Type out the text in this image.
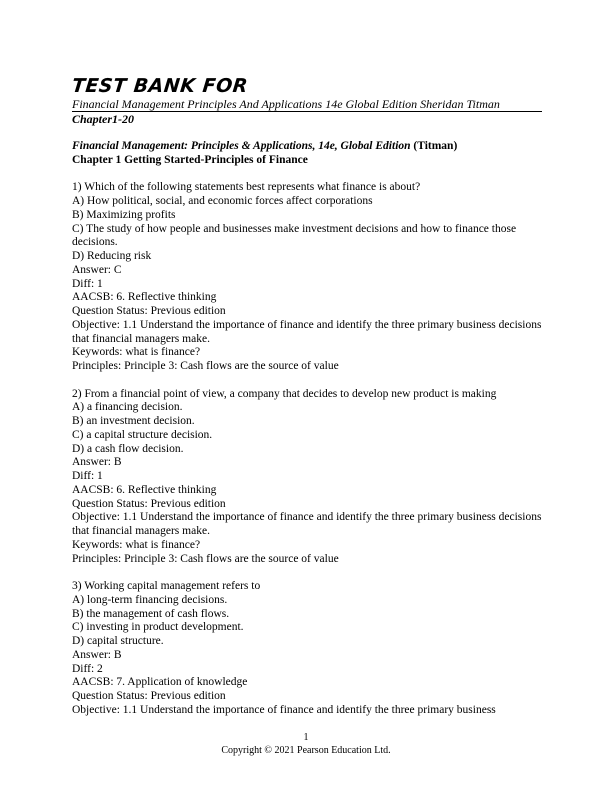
TEST BANK FOR
Financial Management Principles And Applications 14e Global Edition Sheridan Titman
Chapter1-20

Financial Management: Principles & Applications, 14e, Global Edition (Titman)

Chapter 1 Getting Started-Principles of Finance

1) Which of the following statements best represents what finance is about?

A) How political, social, and economic forces affect corporations

B) Maximizing profits

C) The study of how people and businesses make investment decisions and how to finance those decisions.

D) Reducing risk

Answer: C

Diff: 1

AACSB: 6. Reflective thinking

Question Status: Previous edition

Objective: 1.1 Understand the importance of finance and identify the three primary business decisions that financial managers make.

Keywords: what is finance?

Principles: Principle 3: Cash flows are the source of value

2) From a financial point of view, a company that decides to develop new product is making

A) a financing decision.

B) an investment decision.

C) a capital structure decision.

D) a cash flow decision.

Answer: B

Diff: 1

AACSB: 6. Reflective thinking

Question Status: Previous edition

Objective: 1.1 Understand the importance of finance and identify the three primary business decisions that financial managers make.

Keywords: what is finance?

Principles: Principle 3: Cash flows are the source of value

3) Working capital management refers to

A) long-term financing decisions.

B) the management of cash flows.

C) investing in product development.

D) capital structure.

Answer: B

Diff: 2

AACSB: 7. Application of knowledge

Question Status: Previous edition

Objective: 1.1 Understand the importance of finance and identify the three primary business

1
Copyright © 2021 Pearson Education Ltd.
